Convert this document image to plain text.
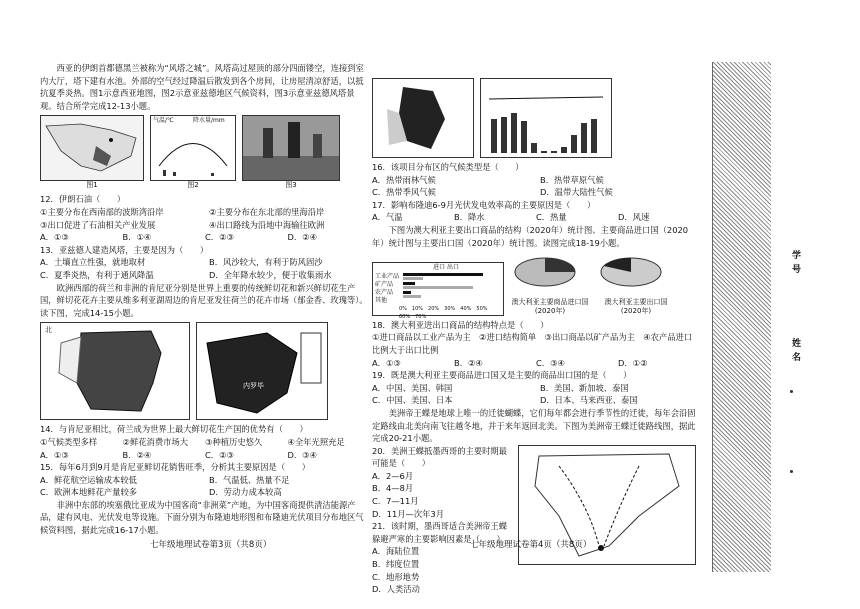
西亚的伊朗首都德黑兰被称为“风塔之城”。风塔高过屋顶的部分四面镂空，连接到室内大厅，塔下建有水池。外部的空气经过降温后散发到各个房间，让房屋清凉舒适，以抵抗夏季炎热。图1示意西亚地图，图2示意亚兹德地区气候资料，图3示意亚兹德风塔景观。结合所学完成12-13小题。

图1
气温/℃	降水量/mm
图2	图3

12．伊朗石油（　　）

①主要分布在西南部的波斯湾沿岸	②主要分布在东北部的里海沿岸
③出口促进了石油相关产业发展	④出口路线为沿地中海输往欧洲
A．①③	B．①④	C．②③	D．②④

13．亚兹德人建造风塔，主要是因为（　　）

A．土壤直立性强，就地取材	B．风沙较大，有利于防风固沙
C．夏季炎热，有利于通风降温	D．全年降水较少，便于收集雨水

欧洲西部的荷兰和非洲的肯尼亚分别是世界上重要的传统鲜切花和新兴鲜切花生产国，鲜切花花卉主要从维多利亚湖周边的肯尼亚发往荷兰的花卉市场（郁金香、玫瑰等）。读下图，完成14-15小题。

北
内罗毕

14．与肯尼亚相比，荷兰成为世界上最大鲜切花生产国的优势有（　　）

①气候类型多样	②鲜花消费市场大	③种植历史悠久	④全年光照充足
A．①③	B．②④	C．②③	D．③④

15．每年6月到9月是肯尼亚鲜切花销售旺季，分析其主要原因是（　　）

A．鲜花航空运输成本较低	B．气温低、热量不足
C．欧洲本地鲜花产量较多	D．劳动力成本较高

非洲中东部的埃塞俄比亚成为中国客商“非洲菜”产地，为中国客商提供清洁能源产品，建有风电、光伏发电等设施。下面分别为布隆迪地形图和布隆迪光伏项目分布地区气候资料图，据此完成16-17小题。

七年级地理试卷第3页（共8页）

16．该项目分布区的气候类型是（　　）

A．热带雨林气候	B．热带草原气候
C．热带季风气候	D．温带大陆性气候

17．影响布隆迪6-9月光伏发电效率高的主要原因是（　　）

A．气温	B．降水	C．热量	D．风速

下图为澳大利亚主要出口商品的结构（2020年）统计图、主要商品进口国（2020年）统计图与主要出口国（2020年）统计图。读图完成18-19小题。

进口 出口
工业产品
矿产品
农产品
其他
0%　10%　20%　30%　40%　50%　60%　70%
澳大利亚主要商品进口国(2020年)
澳大利亚主要出口国(2020年)

18．澳大利亚进出口商品的结构特点是（　　）

①进口商品以工业产品为主　②进口结构简单　③出口商品以矿产品为主　④农产品进口比例大于出口比例

A．①③	B．②④	C．③④	D．①②

19．既是澳大利亚主要商品进口国又是主要的商品出口国的是（　　）

A．中国、美国、韩国	B．美国、新加坡、泰国
C．中国、美国、日本	D．日本、马来西亚、泰国

美洲帝王蝶是地球上唯一的迁徙蝴蝶，它们每年都会进行季节性的迁徙，每年会沿固定路线由北美向南飞往越冬地，并于来年返回北美。下图为美洲帝王蝶迁徙路线图，据此完成20-21小题。

20．美洲王蝶抵墨西哥的主要时期最可能是（　　）

A．2—6月
B．4—8月
C．7—11月
D．11月—次年3月

21．该时期，墨西哥适合美洲帝王蝶躲避严寒的主要影响因素是（　　）

A．海陆位置
B．纬度位置
C．地形地势
D．人类活动
七年级地理试卷第4页（共8页）
学
号
姓
名
